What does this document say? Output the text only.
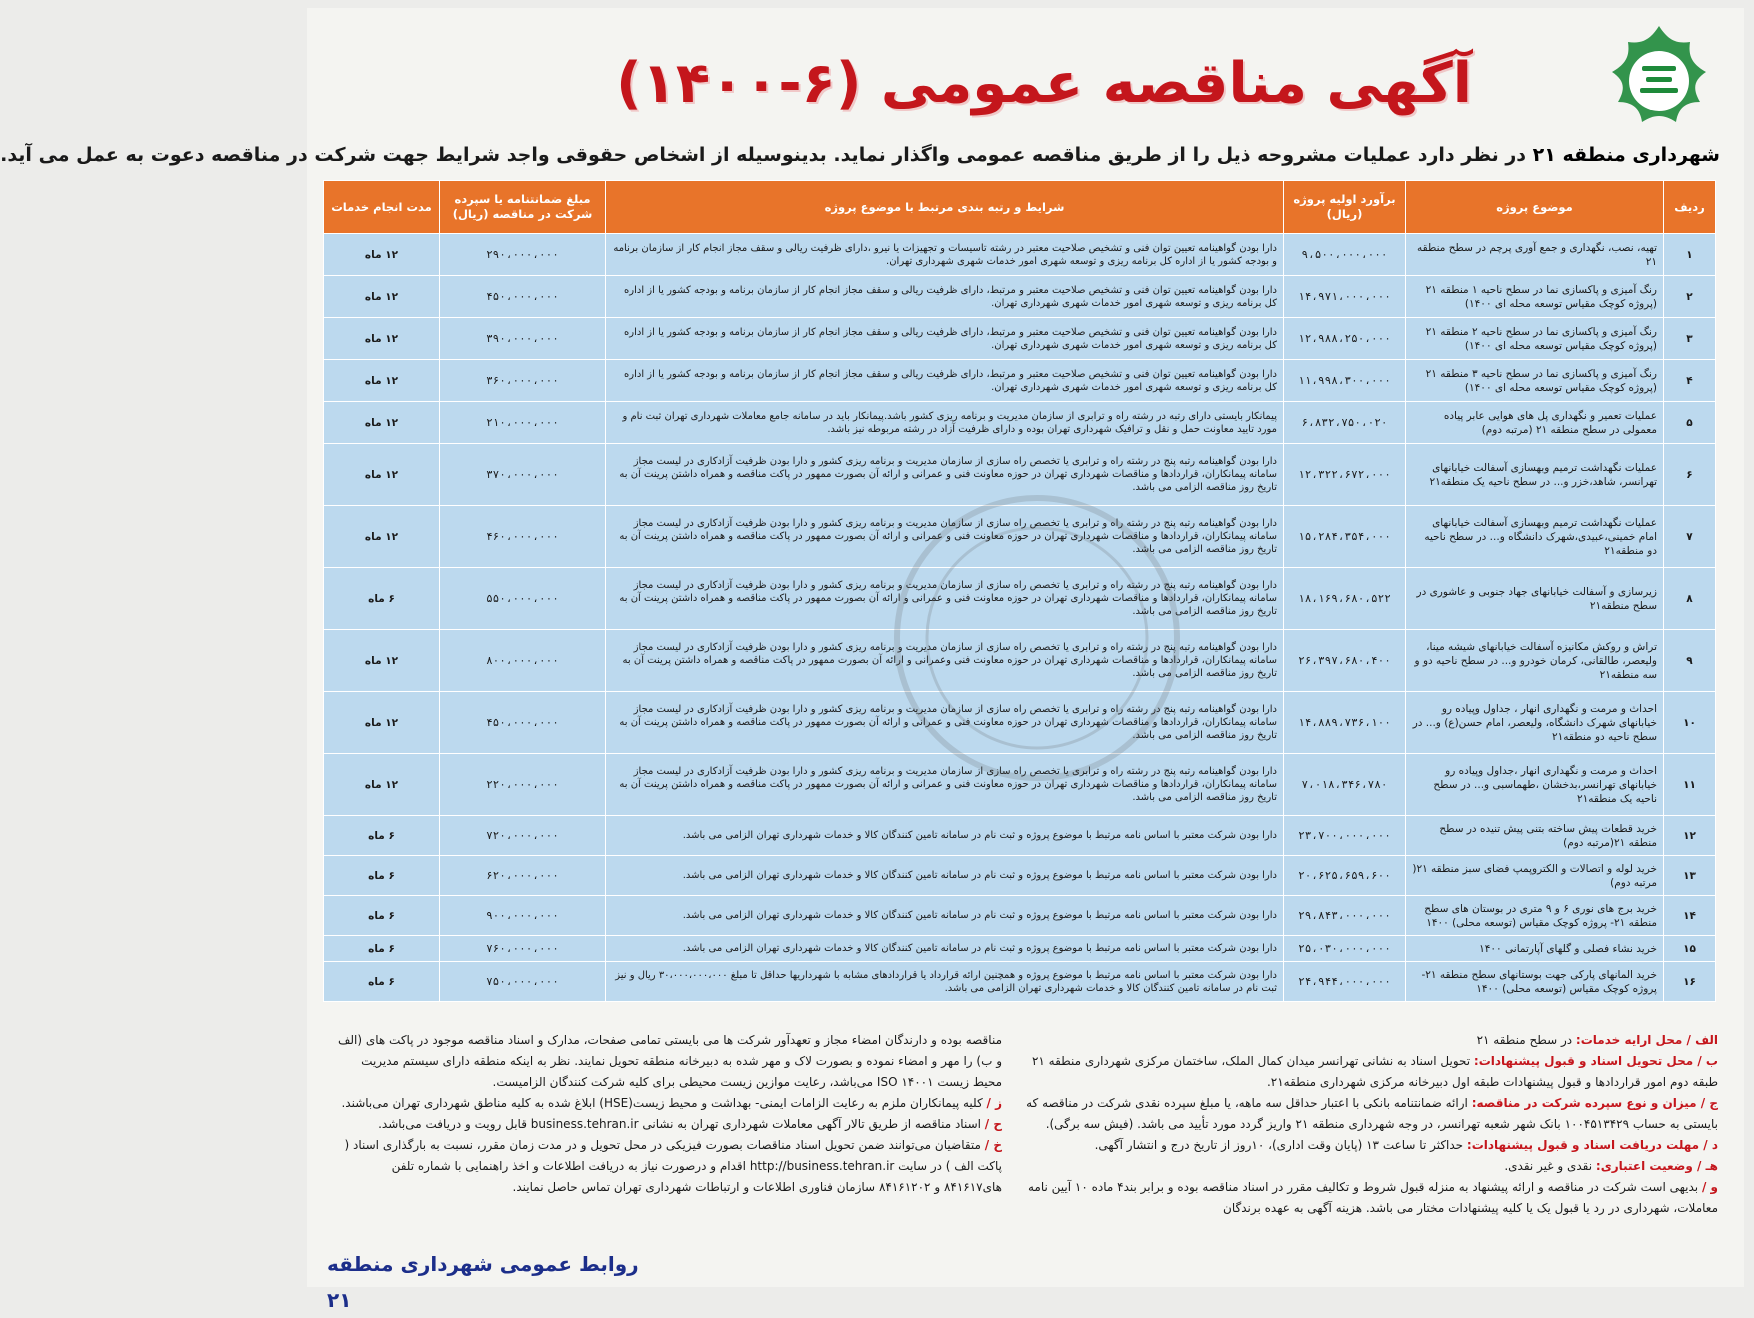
آگهی مناقصه عمومی (۶-۱۴۰۰)
شهرداری منطقه ۲۱ در نظر دارد عملیات مشروحه ذیل را از طریق مناقصه عمومی واگذار نماید. بدینوسیله از اشخاص حقوقی واجد شرایط جهت شرکت در مناقصه دعوت به عمل می آید.
ردیف	موضوع پروژه	برآورد اولیه پروژه (ریال)	شرایط و رتبه بندی مرتبط با موضوع پروژه	مبلغ ضمانتنامه یا سپرده شرکت در مناقصه (ریال)	مدت انجام خدمات
۱	تهیه، نصب، نگهداری و جمع آوری پرچم در سطح منطقه ۲۱	۹،۵۰۰،۰۰۰،۰۰۰	دارا بودن گواهینامه تعیین توان فنی و تشخیص صلاحیت معتبر در رشته تاسیسات و تجهیزات یا نیرو ،دارای ظرفیت ریالی و سقف مجاز انجام کار از سازمان برنامه و بودجه کشور یا از اداره کل برنامه ریزی و توسعه شهری امور خدمات شهری شهرداری تهران.	۲۹۰،۰۰۰،۰۰۰	۱۲ ماه
۲	رنگ آمیزی و پاکسازی نما در سطح ناحیه ۱ منطقه ۲۱ (پروژه کوچک مقیاس توسعه محله ای ۱۴۰۰)	۱۴،۹۷۱،۰۰۰،۰۰۰	دارا بودن گواهینامه تعیین توان فنی و تشخیص صلاحیت معتبر و مرتبط، دارای ظرفیت ریالی و سقف مجاز انجام کار از سازمان برنامه و بودجه کشور یا از اداره کل برنامه ریزی و توسعه شهری امور خدمات شهری شهرداری تهران.	۴۵۰،۰۰۰،۰۰۰	۱۲ ماه
۳	رنگ آمیزی و پاکسازی نما در سطح ناحیه ۲ منطقه ۲۱ (پروژه کوچک مقیاس توسعه محله ای ۱۴۰۰)	۱۲،۹۸۸،۲۵۰،۰۰۰	دارا بودن گواهینامه تعیین توان فنی و تشخیص صلاحیت معتبر و مرتبط، دارای ظرفیت ریالی و سقف مجاز انجام کار از سازمان برنامه و بودجه کشور یا از اداره کل برنامه ریزی و توسعه شهری امور خدمات شهری شهرداری تهران.	۳۹۰،۰۰۰،۰۰۰	۱۲ ماه
۴	رنگ آمیزی و پاکسازی نما در سطح ناحیه ۳ منطقه ۲۱ (پروژه کوچک مقیاس توسعه محله ای ۱۴۰۰)	۱۱،۹۹۸،۳۰۰،۰۰۰	دارا بودن گواهینامه تعیین توان فنی و تشخیص صلاحیت معتبر و مرتبط، دارای ظرفیت ریالی و سقف مجاز انجام کار از سازمان برنامه و بودجه کشور یا از اداره کل برنامه ریزی و توسعه شهری امور خدمات شهری شهرداری تهران.	۳۶۰،۰۰۰،۰۰۰	۱۲ ماه
۵	عملیات تعمیر و نگهداری پل های هوایی عابر پیاده معمولی در سطح منطقه ۲۱ (مرتبه دوم)	۶،۸۳۲،۷۵۰،۰۲۰	پیمانکار بایستی دارای رتبه در رشته راه و ترابری از سازمان مدیریت و برنامه ریزی کشور باشد.پیمانکار باید در سامانه جامع معاملات شهرداری تهران ثبت نام و مورد تایید معاونت حمل و نقل و ترافیک شهرداری تهران بوده و دارای ظرفیت آزاد در رشته مربوطه نیز باشد.	۲۱۰،۰۰۰،۰۰۰	۱۲ ماه
۶	عملیات نگهداشت ترمیم وبهسازی آسفالت خیابانهای تهرانسر، شاهد،خزر و... در سطح ناحیه یک منطقه۲۱	۱۲،۳۲۲،۶۷۲،۰۰۰	دارا بودن گواهینامه رتبه پنج در رشته راه و ترابری یا تخصص راه سازی از سازمان مدیریت و برنامه ریزی کشور و دارا بودن ظرفیت آزادکاری در لیست مجاز سامانه پیمانکاران، قراردادها و مناقصات شهرداری تهران در حوزه معاونت فنی و عمرانی و ارائه آن بصورت ممهور در پاکت مناقصه و همراه داشتن پرینت آن به تاریخ روز مناقصه الزامی می باشد.	۳۷۰،۰۰۰،۰۰۰	۱۲ ماه
۷	عملیات نگهداشت ترمیم وبهسازی آسفالت خیابانهای امام خمینی،عبیدی،شهرک دانشگاه و... در سطح ناحیه دو منطقه۲۱	۱۵،۲۸۴،۳۵۴،۰۰۰	دارا بودن گواهینامه رتبه پنج در رشته راه و ترابری یا تخصص راه سازی از سازمان مدیریت و برنامه ریزی کشور و دارا بودن ظرفیت آزادکاری در لیست مجاز سامانه پیمانکاران، قراردادها و مناقصات شهرداری تهران در حوزه معاونت فنی و عمرانی و ارائه آن بصورت ممهور در پاکت مناقصه و همراه داشتن پرینت آن به تاریخ روز مناقصه الزامی می باشد.	۴۶۰،۰۰۰،۰۰۰	۱۲ ماه
۸	زیرسازی و آسفالت خیابانهای جهاد جنوبی و عاشوری در سطح منطقه۲۱	۱۸،۱۶۹،۶۸۰،۵۲۲	دارا بودن گواهینامه رتبه پنج در رشته راه و ترابری یا تخصص راه سازی از سازمان مدیریت و برنامه ریزی کشور و دارا بودن ظرفیت آزادکاری در لیست مجاز سامانه پیمانکاران، قراردادها و مناقصات شهرداری تهران در حوزه معاونت فنی و عمرانی و ارائه آن بصورت ممهور در پاکت مناقصه و همراه داشتن پرینت آن به تاریخ روز مناقصه الزامی می باشد.	۵۵۰،۰۰۰،۰۰۰	۶ ماه
۹	تراش و روکش مکانیزه آسفالت خیابانهای شیشه مینا، ولیعصر، طالقانی، کرمان خودرو و... در سطح ناحیه دو و سه منطقه۲۱	۲۶،۳۹۷،۶۸۰،۴۰۰	دارا بودن گواهینامه رتبه پنج در رشته راه و ترابری یا تخصص راه سازی از سازمان مدیریت و برنامه ریزی کشور و دارا بودن ظرفیت آزادکاری در لیست مجاز سامانه پیمانکاران، قراردادها و مناقصات شهرداری تهران در حوزه معاونت فنی وعمرانی و ارائه آن بصورت ممهور در پاکت مناقصه و همراه داشتن پرینت آن به تاریخ روز مناقصه الزامی می باشد.	۸۰۰،۰۰۰،۰۰۰	۱۲ ماه
۱۰	احداث و مرمت و نگهداری انهار ، جداول وپیاده رو خیابانهای شهرک دانشگاه، ولیعصر، امام حسن(ع) و... در سطح ناحیه دو منطقه۲۱	۱۴،۸۸۹،۷۳۶،۱۰۰	دارا بودن گواهینامه رتبه پنج در رشته راه و ترابری یا تخصص راه سازی از سازمان مدیریت و برنامه ریزی کشور و دارا بودن ظرفیت آزادکاری در لیست مجاز سامانه پیمانکاران، قراردادها و مناقصات شهرداری تهران در حوزه معاونت فنی و عمرانی و ارائه آن بصورت ممهور در پاکت مناقصه و همراه داشتن پرینت آن به تاریخ روز مناقصه الزامی می باشد.	۴۵۰،۰۰۰،۰۰۰	۱۲ ماه
۱۱	احداث و مرمت و نگهداری انهار ،جداول وپیاده رو خیابانهای تهرانسر،بدخشان ،طهماسبی و... در سطح ناحیه یک منطقه۲۱	۷،۰۱۸،۳۴۶،۷۸۰	دارا بودن گواهینامه رتبه پنج در رشته راه و ترابری یا تخصص راه سازی از سازمان مدیریت و برنامه ریزی کشور و دارا بودن ظرفیت آزادکاری در لیست مجاز سامانه پیمانکاران، قراردادها و مناقصات شهرداری تهران در حوزه معاونت فنی و عمرانی و ارائه آن بصورت ممهور در پاکت مناقصه و همراه داشتن پرینت آن به تاریخ روز مناقصه الزامی می باشد.	۲۲۰،۰۰۰،۰۰۰	۱۲ ماه
۱۲	خرید قطعات پیش ساخته بتنی پیش تنیده در سطح منطقه ۲۱(مرتبه دوم)	۲۳،۷۰۰،۰۰۰،۰۰۰	دارا بودن شرکت معتبر با اساس نامه مرتبط با موضوع پروژه و ثبت نام در سامانه تامین کنندگان کالا و خدمات شهرداری تهران الزامی می باشد.	۷۲۰،۰۰۰،۰۰۰	۶ ماه
۱۳	خرید لوله و اتصالات و الکتروپمپ فضای سبز منطقه ۲۱( مرتبه دوم)	۲۰،۶۲۵،۶۵۹،۶۰۰	دارا بودن شرکت معتبر با اساس نامه مرتبط با موضوع پروژه و ثبت نام در سامانه تامین کنندگان کالا و خدمات شهرداری تهران الزامی می باشد.	۶۲۰،۰۰۰،۰۰۰	۶ ماه
۱۴	خرید برج های نوری ۶ و ۹ متری در بوستان های سطح منطقه ۲۱- پروژه کوچک مقیاس (توسعه محلی) ۱۴۰۰	۲۹،۸۴۳،۰۰۰،۰۰۰	دارا بودن شرکت معتبر با اساس نامه مرتبط با موضوع پروژه و ثبت نام در سامانه تامین کنندگان کالا و خدمات شهرداری تهران الزامی می باشد.	۹۰۰،۰۰۰،۰۰۰	۶ ماه
۱۵	خرید نشاء فصلی و گلهای آپارتمانی ۱۴۰۰	۲۵،۰۳۰،۰۰۰،۰۰۰	دارا بودن شرکت معتبر با اساس نامه مرتبط با موضوع پروژه و ثبت نام در سامانه تامین کنندگان کالا و خدمات شهرداری تهران الزامی می باشد.	۷۶۰،۰۰۰،۰۰۰	۶ ماه
۱۶	خرید المانهای پارکی جهت بوستانهای سطح منطقه ۲۱- پروژه کوچک مقیاس (توسعه محلی) ۱۴۰۰	۲۴،۹۴۴،۰۰۰،۰۰۰	دارا بودن شرکت معتبر با اساس نامه مرتبط با موضوع پروژه و همچنین ارائه قرارداد یا قراردادهای مشابه با شهرداریها حداقل تا مبلغ ۳۰،۰۰۰،۰۰۰،۰۰۰ ریال و نیز ثبت نام در سامانه تامین کنندگان کالا و خدمات شهرداری تهران الزامی می باشد.	۷۵۰،۰۰۰،۰۰۰	۶ ماه

الف / محل ارایه خدمات: در سطح منطقه ۲۱

ب / محل تحویل اسناد و قبول پیشنهادات: تحویل اسناد به نشانی تهرانسر میدان کمال الملک، ساختمان مرکزی شهرداری منطقه ۲۱ طبقه دوم امور قراردادها و قبول پیشنهادات طبقه اول دبیرخانه مرکزی شهرداری منطقه۲۱.

ج / میزان و نوع سپرده شرکت در مناقصه: ارائه ضمانتنامه بانکی با اعتبار حداقل سه ماهه، یا مبلغ سپرده نقدی شرکت در مناقصه که بایستی به حساب ۱۰۰۴۵۱۳۴۲۹ بانک شهر شعبه تهرانسر، در وجه شهرداری منطقه ۲۱ واریز گردد مورد تأیید می باشد. (فیش سه برگی).

د / مهلت دریافت اسناد و قبول پیشنهادات: حداکثر تا ساعت ۱۳ (پایان وقت اداری)، ۱۰روز از تاریخ درج و انتشار آگهی.

هـ / وضعیت اعتباری: نقدی و غیر نقدی.

و / بدیهی است شرکت در مناقصه و ارائه پیشنهاد به منزله قبول شروط و تکالیف مقرر در اسناد مناقصه بوده و برابر بند۴ ماده ۱۰ آیین نامه معاملات، شهرداری در رد یا قبول یک یا کلیه پیشنهادات مختار می باشد. هزینه آگهی به عهده برندگان

مناقصه بوده و دارندگان امضاء مجاز و تعهدآور شرکت ها می بایستی تمامی صفحات، مدارک و اسناد مناقصه موجود در پاکت های (الف و ب) را مهر و امضاء نموده و بصورت لاک و مهر شده به دبیرخانه منطقه تحویل نمایند. نظر به اینکه منطقه دارای سیستم مدیریت محیط زیست ISO ۱۴۰۰۱ می‌باشد، رعایت موازین زیست محیطی برای کلیه شرکت کنندگان الزامیست.

ز / کلیه پیمانکاران ملزم به رعایت الزامات ایمنی- بهداشت و محیط زیست(HSE) ابلاغ شده به کلیه مناطق شهرداری تهران می‌باشند.

ح / اسناد مناقصه از طریق تالار آگهی معاملات شهرداری تهران به نشانی business.tehran.ir قابل رویت و دریافت می‌باشد.

خ / متقاضیان می‌توانند ضمن تحویل اسناد مناقصات بصورت فیزیکی در محل تحویل و در مدت زمان مقرر، نسبت به بارگذاری اسناد ( پاکت الف ) در سایت http://business.tehran.ir اقدام و درصورت نیاز به دریافت اطلاعات و اخذ راهنمایی با شماره تلفن های۸۴۱۶۱۷ و ۸۴۱۶۱۲۰۲ سازمان فناوری اطلاعات و ارتباطات شهرداری تهران تماس حاصل نمایند.

روابط عمومی شهرداری منطقه ۲۱
